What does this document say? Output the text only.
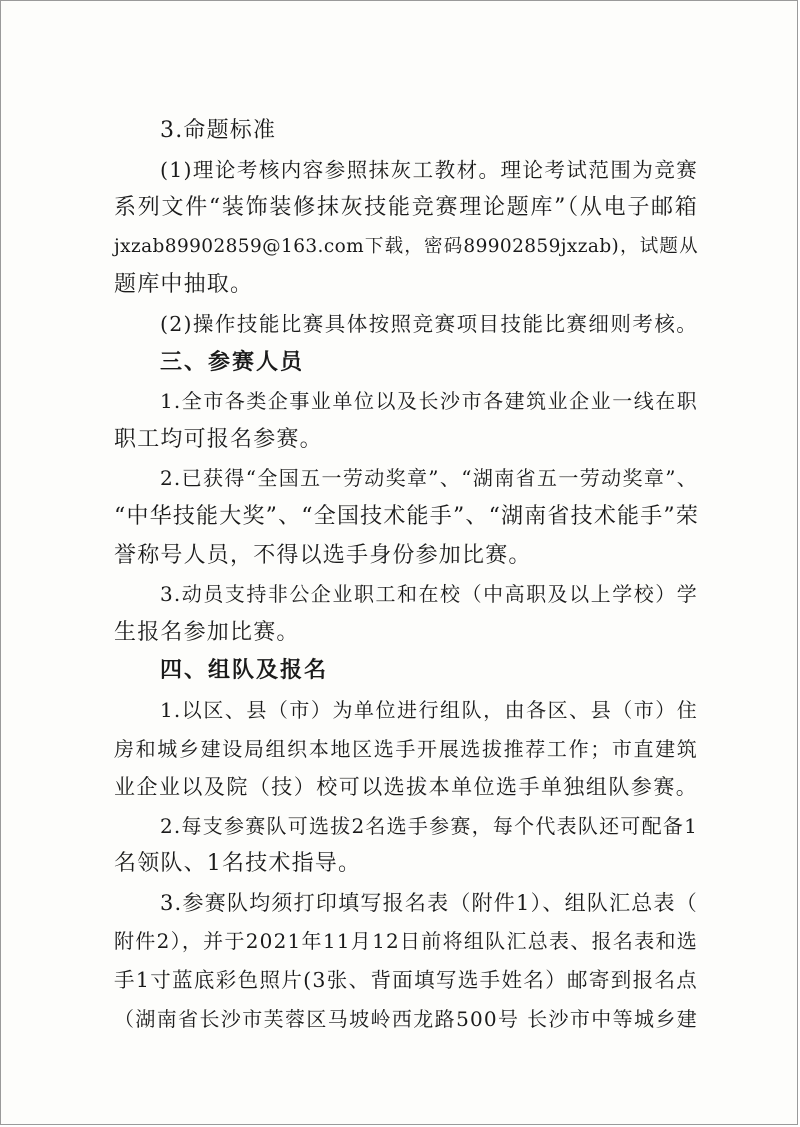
3.命题标准
(1)理论考核内容参照抹灰工教材。理论考试范围为竞赛
系列文件“装饰装修抹灰技能竞赛理论题库”（从电子邮箱
jxzab89902859@163.com下载，密码89902859jxzab)，试题从
题库中抽取。
(2)操作技能比赛具体按照竞赛项目技能比赛细则考核。
三、参赛人员
1.全市各类企事业单位以及长沙市各建筑业企业一线在职
职工均可报名参赛。
2.已获得“全国五一劳动奖章”、“湖南省五一劳动奖章”、
“中华技能大奖”、“全国技术能手”、“湖南省技术能手”荣
誉称号人员，不得以选手身份参加比赛。
3.动员支持非公企业职工和在校（中高职及以上学校）学
生报名参加比赛。
四、组队及报名
1.以区、县（市）为单位进行组队，由各区、县（市）住
房和城乡建设局组织本地区选手开展选拔推荐工作；市直建筑
业企业以及院（技）校可以选拔本单位选手单独组队参赛。
2.每支参赛队可选拔2名选手参赛，每个代表队还可配备1
名领队、1名技术指导。
3.参赛队均须打印填写报名表（附件1）、组队汇总表（
附件2），并于2021年11月12日前将组队汇总表、报名表和选
手1寸蓝底彩色照片(3张、背面填写选手姓名）邮寄到报名点
（湖南省长沙市芙蓉区马坡岭西龙路500号 长沙市中等城乡建
